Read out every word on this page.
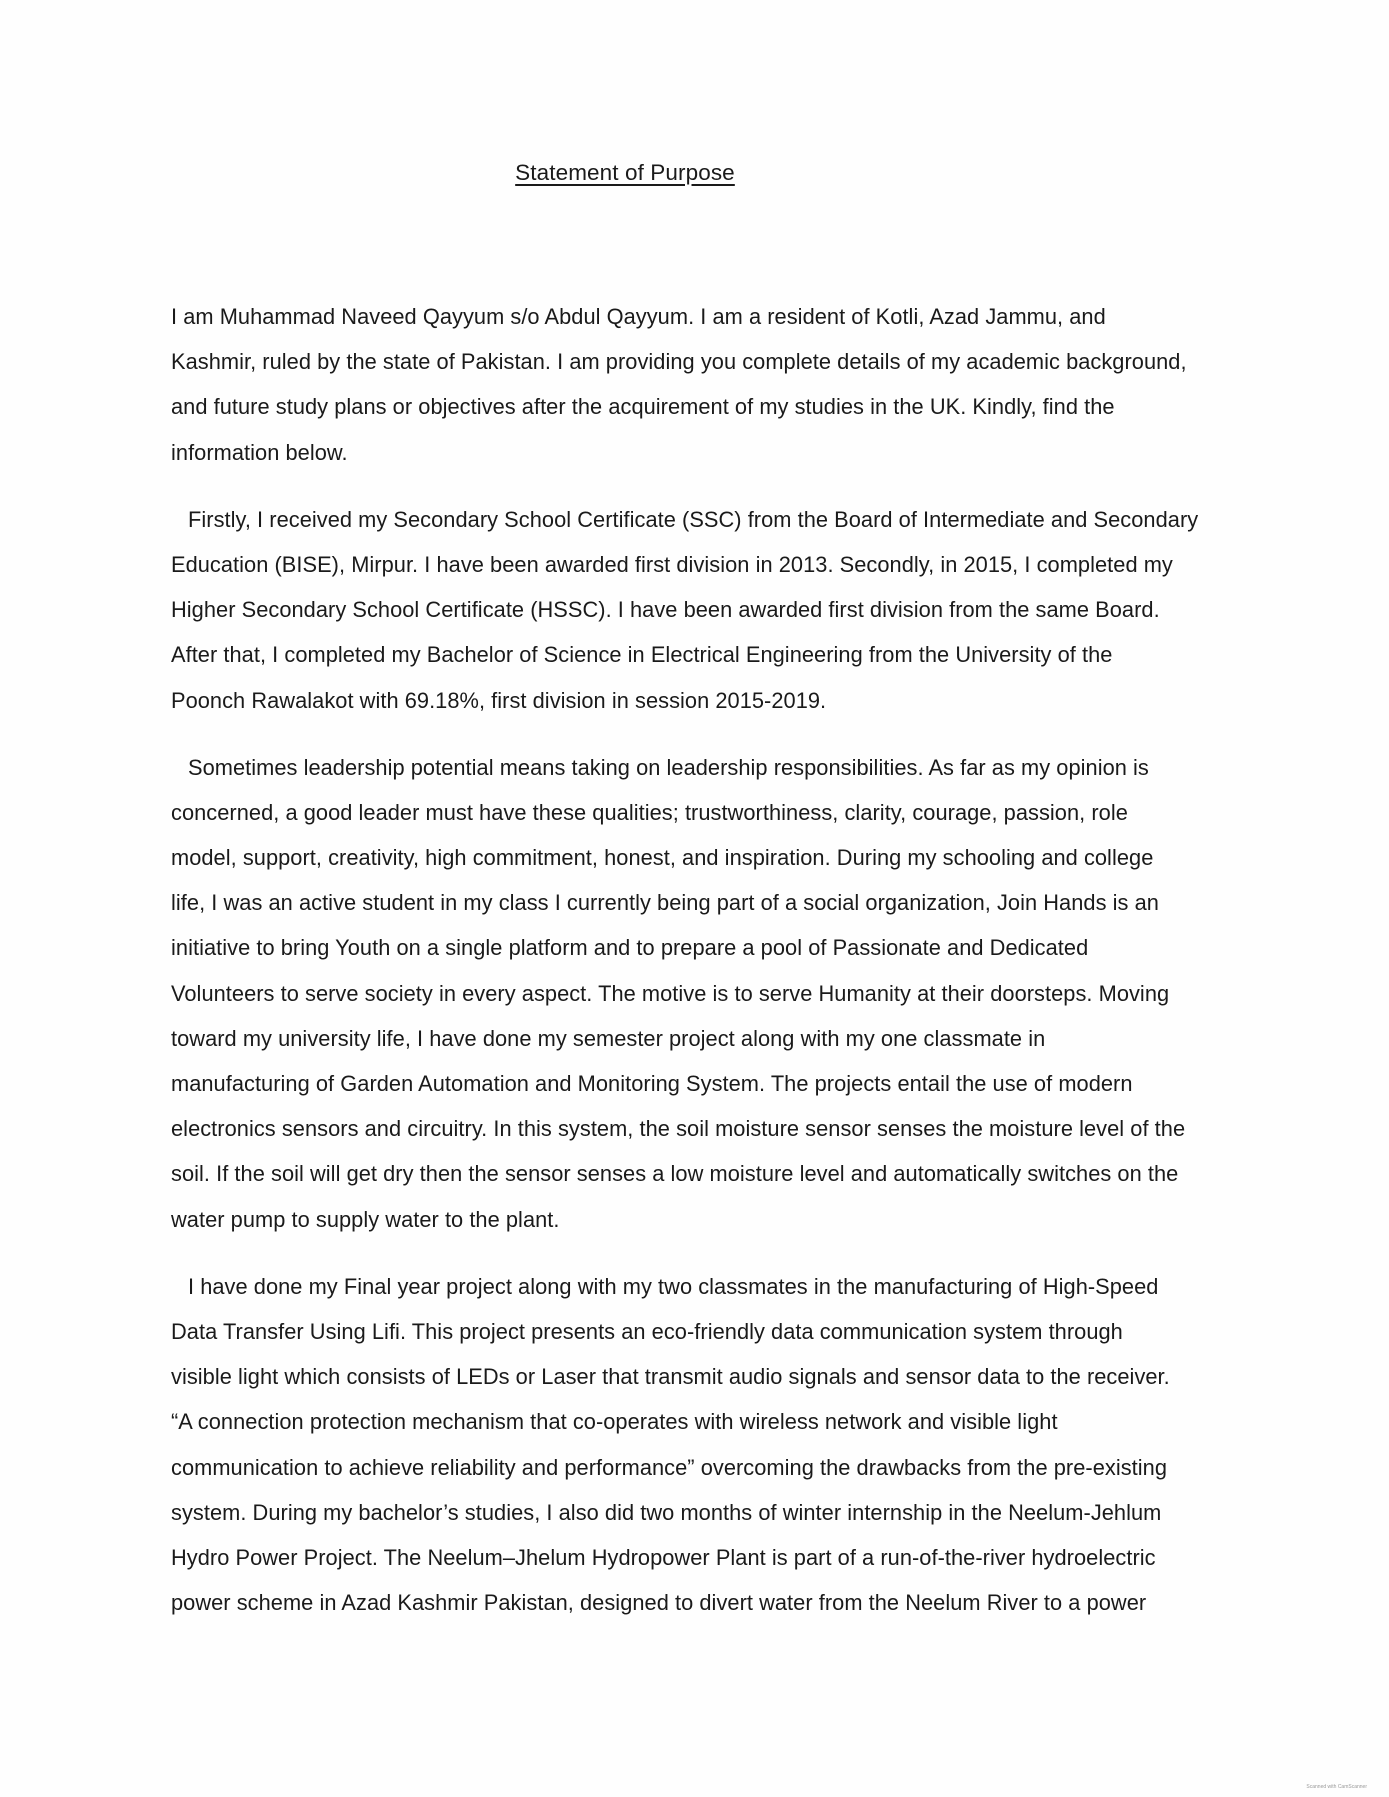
Statement of Purpose
I am Muhammad Naveed Qayyum s/o Abdul Qayyum. I am a resident of Kotli, Azad Jammu, and
Kashmir, ruled by the state of Pakistan. I am providing you complete details of my academic background,
and future study plans or objectives after the acquirement of my studies in the UK. Kindly, find the
information below.
Firstly, I received my Secondary School Certificate (SSC) from the Board of Intermediate and Secondary
Education (BISE), Mirpur. I have been awarded first division in 2013. Secondly, in 2015, I completed my
Higher Secondary School Certificate (HSSC). I have been awarded first division from the same Board.
After that, I completed my Bachelor of Science in Electrical Engineering from the University of the
Poonch Rawalakot with 69.18%, first division in session 2015-2019.
Sometimes leadership potential means taking on leadership responsibilities. As far as my opinion is
concerned, a good leader must have these qualities; trustworthiness, clarity, courage, passion, role
model, support, creativity, high commitment, honest, and inspiration. During my schooling and college
life, I was an active student in my class I currently being part of a social organization, Join Hands is an
initiative to bring Youth on a single platform and to prepare a pool of Passionate and Dedicated
Volunteers to serve society in every aspect. The motive is to serve Humanity at their doorsteps. Moving
toward my university life, I have done my semester project along with my one classmate in
manufacturing of Garden Automation and Monitoring System. The projects entail the use of modern
electronics sensors and circuitry. In this system, the soil moisture sensor senses the moisture level of the
soil. If the soil will get dry then the sensor senses a low moisture level and automatically switches on the
water pump to supply water to the plant.
I have done my Final year project along with my two classmates in the manufacturing of High-Speed
Data Transfer Using Lifi. This project presents an eco-friendly data communication system through
visible light which consists of LEDs or Laser that transmit audio signals and sensor data to the receiver.
“A connection protection mechanism that co-operates with wireless network and visible light
communication to achieve reliability and performance” overcoming the drawbacks from the pre-existing
system. During my bachelor’s studies, I also did two months of winter internship in the Neelum-Jehlum
Hydro Power Project. The Neelum–Jhelum Hydropower Plant is part of a run-of-the-river hydroelectric
power scheme in Azad Kashmir Pakistan, designed to divert water from the Neelum River to a power
Scanned with CamScanner
